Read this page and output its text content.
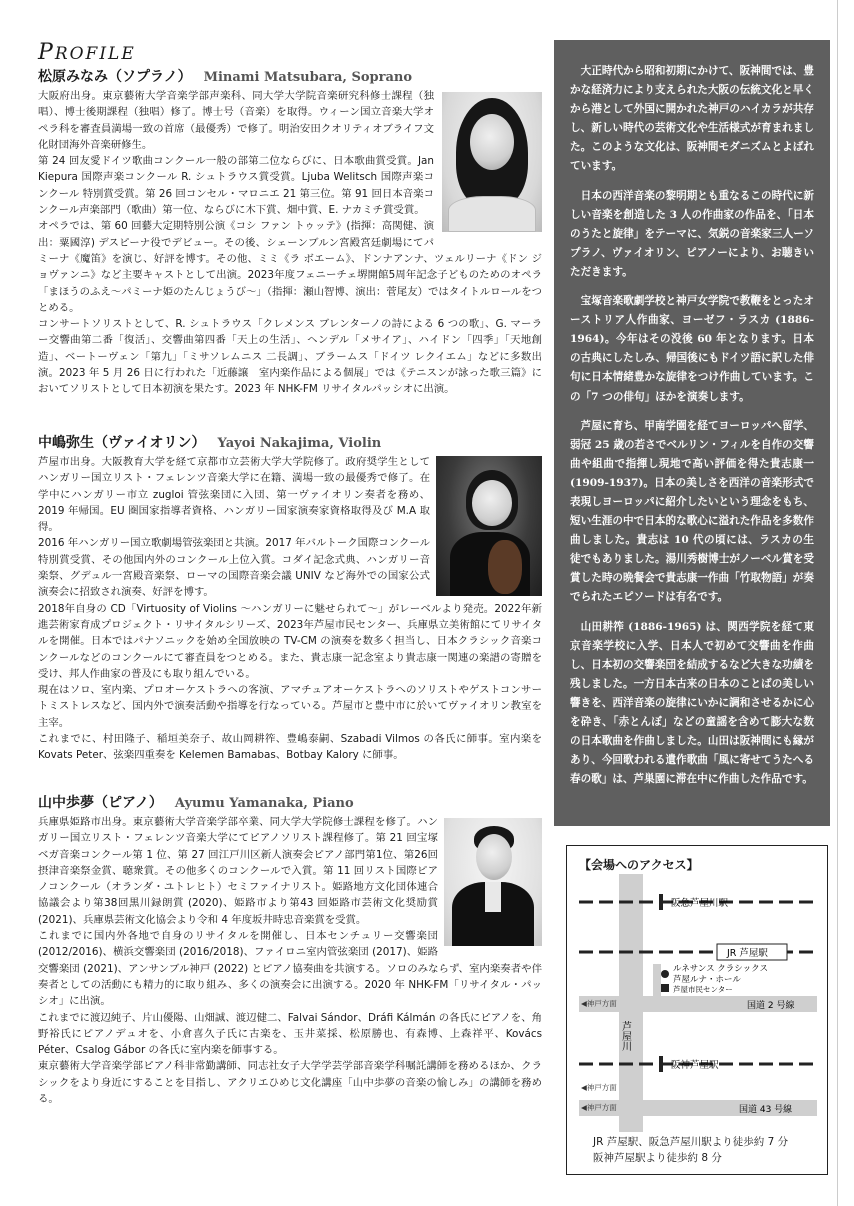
PROFILE
松原みなみ（ソプラノ） Minami Matsubara, Soprano
大阪府出身。東京藝術大学音楽学部声楽科、同大学大学院音楽研究科修士課程（独唱）、博士後期課程（独唱）修了。博士号（音楽）を取得。ウィーン国立音楽大学オペラ科を審査員満場一致の首席（最優秀）で修了。明治安田クオリティオブライフ文化財団海外音楽研修生。
第 24 回友愛ドイツ歌曲コンクール一般の部第二位ならびに、日本歌曲賞受賞。Jan Kiepura 国際声楽コンクール R. シュトラウス賞受賞。Ljuba Welitsch 国際声楽コンクール 特別賞受賞。第 26 回コンセル・マロニエ 21 第三位。第 91 回日本音楽コンクール声楽部門（歌曲）第一位、ならびに木下賞、畑中賞、E. ナカミチ賞受賞。
オペラでは、第 60 回藝大定期特別公演《コシ ファン トゥッテ》(指揮：高関健、演出：粟國淳) デスピーナ役でデビュー。その後、シェーンブルン宮殿宮廷劇場にてパミーナ《魔笛》を演じ、好評を博す。その他、ミミ《ラ ボエーム》、ドンナアンナ、ツェルリーナ《ドン ジョヴァンニ》など主要キャストとして出演。2023年度フェニーチェ堺開館5周年記念子どものためのオペラ「まほうのふえ～パミーナ姫のたんじょうび～」（指揮：瀬山智博、演出：菅尾友）ではタイトルロールをつとめる。
コンサートソリストとして、R. シュトラウス「クレメンス ブレンターノの詩による 6 つの歌」、G. マーラー交響曲第二番「復活」、交響曲第四番「天上の生活」、ヘンデル「メサイア」、ハイドン「四季」「天地創造」、ベートーヴェン「第九」「ミサソレムニス 二長調」、ブラームス「ドイツ レクイエム」などに多数出演。2023 年 5 月 26 日に行われた「近藤譲　室内楽作品による個展」では《テニスンが詠った歌三篇》においてソリストとして日本初演を果たす。2023 年 NHK-FM リサイタルパッシオに出演。
中嶋弥生（ヴァイオリン） Yayoi Nakajima, Violin
芦屋市出身。大阪教育大学を経て京都市立芸術大学大学院修了。政府奨学生としてハンガリー国立リスト・フェレンツ音楽大学に在籍、満場一致の最優秀で修了。在学中にハンガリー市立 zugloi 管弦楽団に入団、第一ヴァイオリン奏者を務め、2019 年帰国。EU 圏国家指導者資格、ハンガリー国家演奏家資格取得及び M.A 取得。
2016 年ハンガリー国立歌劇場管弦楽団と共演。2017 年バルトーク国際コンクール特別賞受賞、その他国内外のコンクール上位入賞。コダイ記念式典、ハンガリー音楽祭、グデュル一宮殿音楽祭、ローマの国際音楽会議 UNIV など海外での国家公式演奏会に招致され演奏、好評を博す。
2018年自身の CD「Virtuosity of Violins ～ハンガリーに魅せられて～」がレーベルより発売。2022年新進芸術家育成プロジェクト・リサイタルシリーズ、2023年芦屋市民センター、兵庫県立美術館にてリサイタルを開催。日本ではパナソニックを始め全国放映の TV-CM の演奏を数多く担当し、日本クラシック音楽コンクールなどのコンクールにて審査員をつとめる。また、貴志康一記念室より貴志康一関連の楽譜の寄贈を受け、邦人作曲家の普及にも取り組んでいる。
現在はソロ、室内楽、プロオーケストラへの客演、アマチュアオーケストラへのソリストやゲストコンサートミストレスなど、国内外で演奏活動や指導を行なっている。芦屋市と豊中市に於いてヴァイオリン教室を主宰。
これまでに、村田隆子、稲垣美奈子、故山岡耕筰、豊嶋泰嗣、Szabadi Vilmos の各氏に師事。室内楽を Kovats Peter、弦楽四重奏を Kelemen Bamabas、Botbay Kalory に師事。
山中歩夢（ピアノ） Ayumu Yamanaka, Piano
兵庫県姫路市出身。東京藝術大学音楽学部卒業、同大学大学院修士課程を修了。ハンガリー国立リスト・フェレンツ音楽大学にてピアノソリスト課程修了。第 21 回宝塚ベガ音楽コンクール第 1 位、第 27 回江戸川区新人演奏会ピアノ部門第1位、第26回摂津音楽祭金賞、聴衆賞。その他多くのコンクールで入賞。第 11 回リスト国際ピアノコンクール（オランダ・ユトレヒト）セミファイナリスト。姫路地方文化団体連合協議会より第38回黒川録朗賞 (2020)、姫路市より第43 回姫路市芸術文化奨励賞 (2021)、兵庫県芸術文化協会より令和 4 年度坂井時忠音楽賞を受賞。
これまでに国内外各地で自身のリサイタルを開催し、日本センチュリー交響楽団 (2012/2016)、横浜交響楽団 (2016/2018)、ファイロニ室内管弦楽団 (2017)、姫路交響楽団 (2021)、アンサンブル神戸 (2022) とピアノ協奏曲を共演する。ソロのみならず、室内楽奏者や伴奏者としての活動にも精力的に取り組み、多くの演奏会に出演する。2020 年 NHK-FM「リサイタル・パッシオ」に出演。
これまでに渡辺純子、片山優陽、山畑誠、渡辺健二、Falvai Sándor、Dráfi Kálmán の各氏にピアノを、角野裕氏にピアノデュオを、小倉喜久子氏に古楽を、玉井菜採、松原勝也、有森博、上森祥平、Kovács Péter、Csalog Gábor の各氏に室内楽を師事する。
東京藝術大学音楽学部ピアノ科非常勤講師、同志社女子大学学芸学部音楽学科嘱託講師を務めるほか、クラシックをより身近にすることを目指し、アクリエひめじ文化講座「山中歩夢の音楽の愉しみ」の講師を務める。

大正時代から昭和初期にかけて、阪神間では、豊かな経済力により支えられた大阪の伝統文化と早くから港として外国に開かれた神戸のハイカラが共存し、新しい時代の芸術文化や生活様式が育まれました。このような文化は、阪神間モダニズムとよばれています。

日本の西洋音楽の黎明期とも重なるこの時代に新しい音楽を創造した 3 人の作曲家の作品を、「日本のうたと旋律」をテーマに、気鋭の音楽家三人ーソプラノ、ヴァイオリン、ピアノーにより、お聴きいただきます。

宝塚音楽歌劇学校と神戸女学院で教鞭をとったオーストリア人作曲家、ヨーゼフ・ラスカ (1886-1964)。今年はその没後 60 年となります。日本の古典にしたしみ、帰国後にもドイツ語に訳した俳句に日本情緒豊かな旋律をつけ作曲しています。この「7 つの俳句」ほかを演奏します。

芦屋に育ち、甲南学園を経てヨーロッパへ留学、弱冠 25 歳の若さでベルリン・フィルを自作の交響曲や組曲で指揮し現地で高い評価を得た貴志康一 (1909-1937)。日本の美しさを西洋の音楽形式で表現しヨーロッパに紹介したいという理念をもち、短い生涯の中で日本的な歌心に溢れた作品を多数作曲しました。貴志は 10 代の頃には、ラスカの生徒でもありました。湯川秀樹博士がノーベル賞を受賞した時の晩餐会で貴志康一作曲「竹取物語」が奏でられたエピソードは有名です。

山田耕筰 (1886-1965) は、関西学院を経て東京音楽学校に入学、日本人で初めて交響曲を作曲し、日本初の交響楽団を結成するなど大きな功績を残しました。一方日本古来の日本のことばの美しい響きを、西洋音楽の旋律にいかに調和させるかに心を砕き、「赤とんぼ」などの童謡を含めて膨大な数の日本歌曲を作曲しました。山田は阪神間にも縁があり、今回歌われる遺作歌曲「風に寄せてうたへる春の歌」は、芦巣園に滞在中に作曲した作品です。

【会場へのアクセス】
阪急芦屋川駅
JR 芦屋駅
ルネサンス クラシックス
芦屋ルナ・ホール
芦屋市民センター
芦屋川
◀神戸方面	国道 2 号線
阪神芦屋駅
◀神戸方面
◀神戸方面	国道 43 号線
JR 芦屋駅、阪急芦屋川駅より徒歩約 7 分
阪神芦屋駅より徒歩約 8 分
